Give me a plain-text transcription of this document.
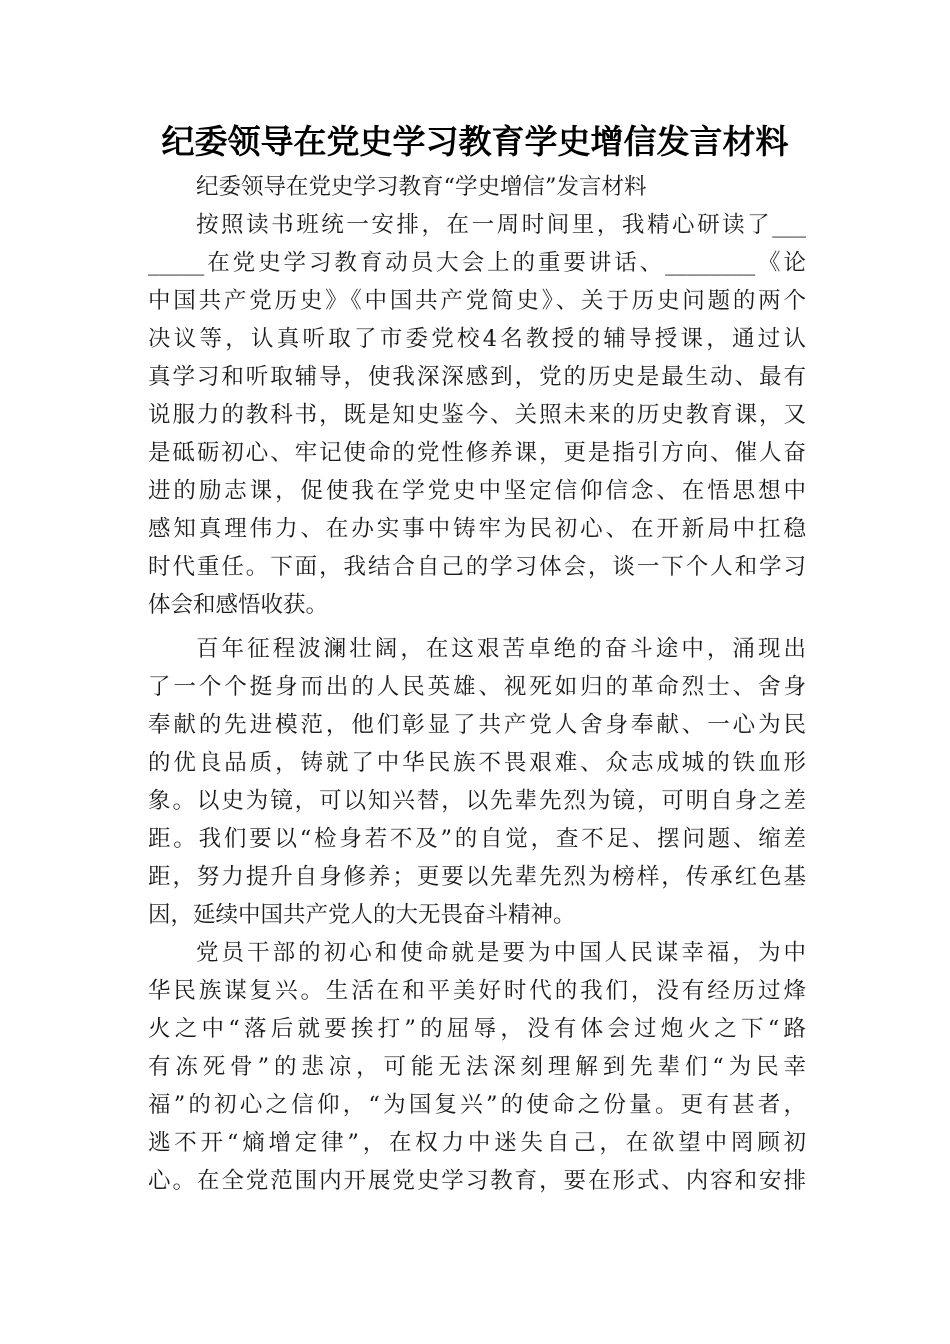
纪委领导在党史学习教育学史增信发言材料
纪委领导在党史学习教育“学史增信”发言材料
按照读书班统一安排，在一周时间里，我精心研读了___
_____在党史学习教育动员大会上的重要讲话、________《论
中国共产党历史》《中国共产党简史》、关于历史问题的两个
决议等，认真听取了市委党校4名教授的辅导授课，通过认
真学习和听取辅导，使我深深感到，党的历史是最生动、最有
说服力的教科书，既是知史鉴今、关照未来的历史教育课，又
是砥砺初心、牢记使命的党性修养课，更是指引方向、催人奋
进的励志课，促使我在学党史中坚定信仰信念、在悟思想中
感知真理伟力、在办实事中铸牢为民初心、在开新局中扛稳
时代重任。下面，我结合自己的学习体会，谈一下个人和学习
体会和感悟收获。
百年征程波澜壮阔，在这艰苦卓绝的奋斗途中，涌现出
了一个个挺身而出的人民英雄、视死如归的革命烈士、舍身
奉献的先进模范，他们彰显了共产党人舍身奉献、一心为民
的优良品质，铸就了中华民族不畏艰难、众志成城的铁血形
象。以史为镜，可以知兴替，以先辈先烈为镜，可明自身之差
距。我们要以“检身若不及”的自觉，查不足、摆问题、缩差
距，努力提升自身修养；更要以先辈先烈为榜样，传承红色基
因，延续中国共产党人的大无畏奋斗精神。
党员干部的初心和使命就是要为中国人民谋幸福，为中
华民族谋复兴。生活在和平美好时代的我们，没有经历过烽
火之中“落后就要挨打”的屈辱，没有体会过炮火之下“路
有冻死骨”的悲凉，可能无法深刻理解到先辈们“为民幸
福”的初心之信仰，“为国复兴”的使命之份量。更有甚者，
逃不开“熵增定律”，在权力中迷失自己，在欲望中罔顾初
心。在全党范围内开展党史学习教育，要在形式、内容和安排
